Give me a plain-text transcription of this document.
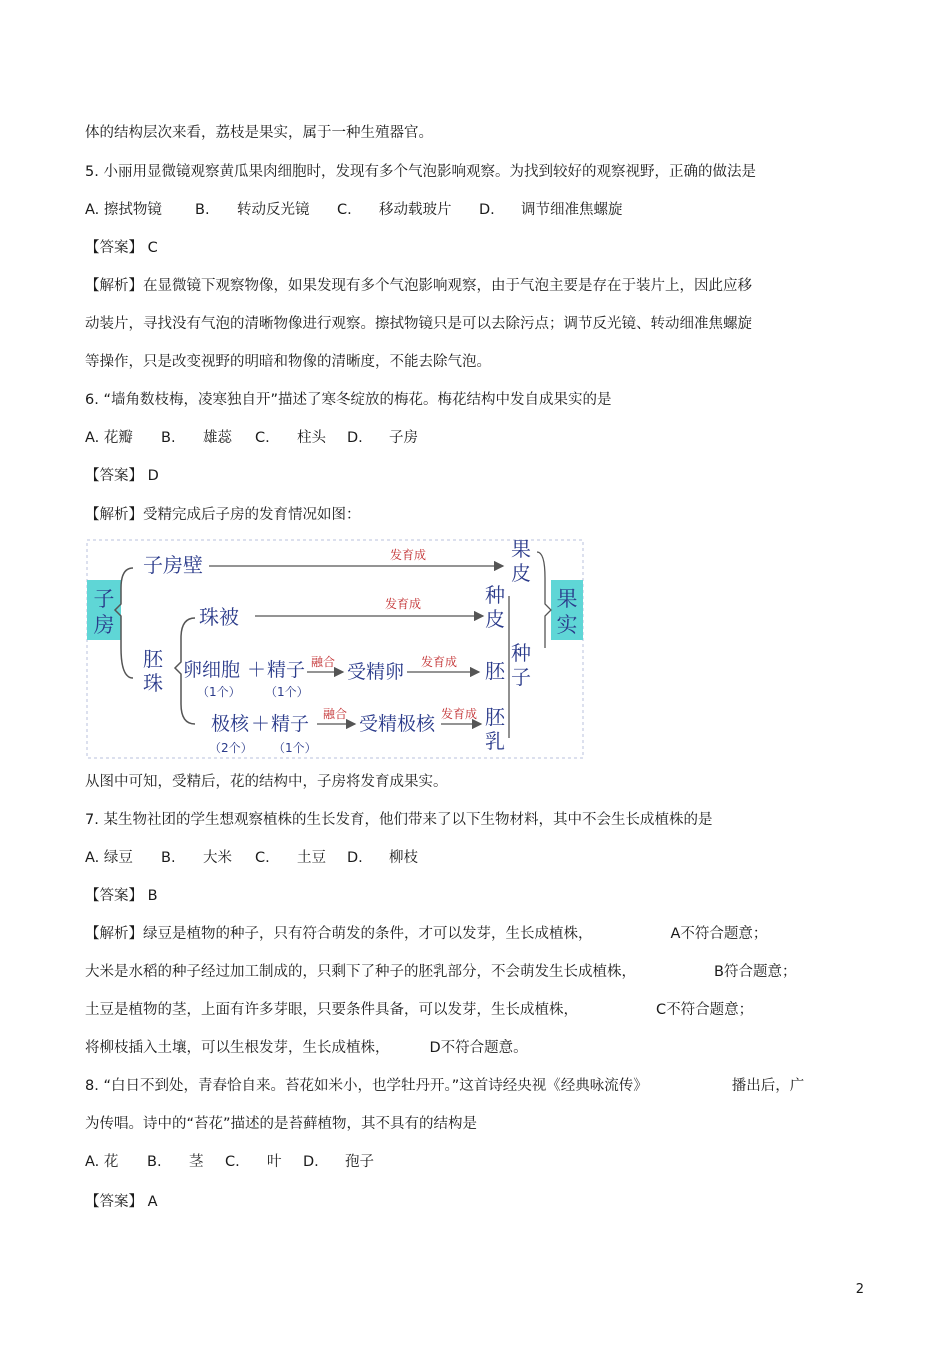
体的结构层次来看，荔枝是果实，属于一种生殖器官。
5. 小丽用显微镜观察黄瓜果肉细胞时，发现有多个气泡影响观察。为找到较好的观察视野，正确的做法是
A. 擦拭物镜 B. 转动反光镜 C. 移动载玻片 D. 调节细准焦螺旋
【答案】 C
【解析】在显微镜下观察物像，如果发现有多个气泡影响观察，由于气泡主要是存在于装片上，因此应移
动装片，寻找没有气泡的清晰物像进行观察。擦拭物镜只是可以去除污点；调节反光镜、转动细准焦螺旋
等操作，只是改变视野的明暗和物像的清晰度，不能去除气泡。
6. “墙角数枝梅，凌寒独自开”描述了寒冬绽放的梅花。梅花结构中发自成果实的是
A. 花瓣 B. 雄蕊 C. 柱头 D. 子房
【答案】 D
【解析】受精完成后子房的发育情况如图：
子	果
房	实
子房壁	发育成	果
皮
胚
珠
珠被
发育成	种
皮
卵细胞
（1个）
＋ 精子
（1个）
融合 受精卵 发育成 胚
种
子
极核
（2个）
＋ 精子
（1个）
融合 受精极核 发育成 胚
乳
从图中可知，受精后，花的结构中，子房将发育成果实。
7. 某生物社团的学生想观察植株的生长发育，他们带来了以下生物材料，其中不会生长成植株的是
A. 绿豆 B. 大米 C. 土豆 D. 柳枝
【答案】 B
【解析】绿豆是植物的种子，只有符合萌发的条件，才可以发芽，生长成植株，	A不符合题意；
大米是水稻的种子经过加工制成的，只剩下了种子的胚乳部分，不会萌发生长成植株，	B符合题意；
土豆是植物的茎，上面有许多芽眼，只要条件具备，可以发芽，生长成植株，	C不符合题意；
将柳枝插入土壤，可以生根发芽，生长成植株，	D不符合题意。
8. “白日不到处，青春恰自来。苔花如米小，也学牡丹开。”这首诗经央视《经典咏流传》	播出后，广
为传唱。诗中的“苔花”描述的是苔藓植物，其不具有的结构是
A. 花 B. 茎 C. 叶 D. 孢子
【答案】 A
2
